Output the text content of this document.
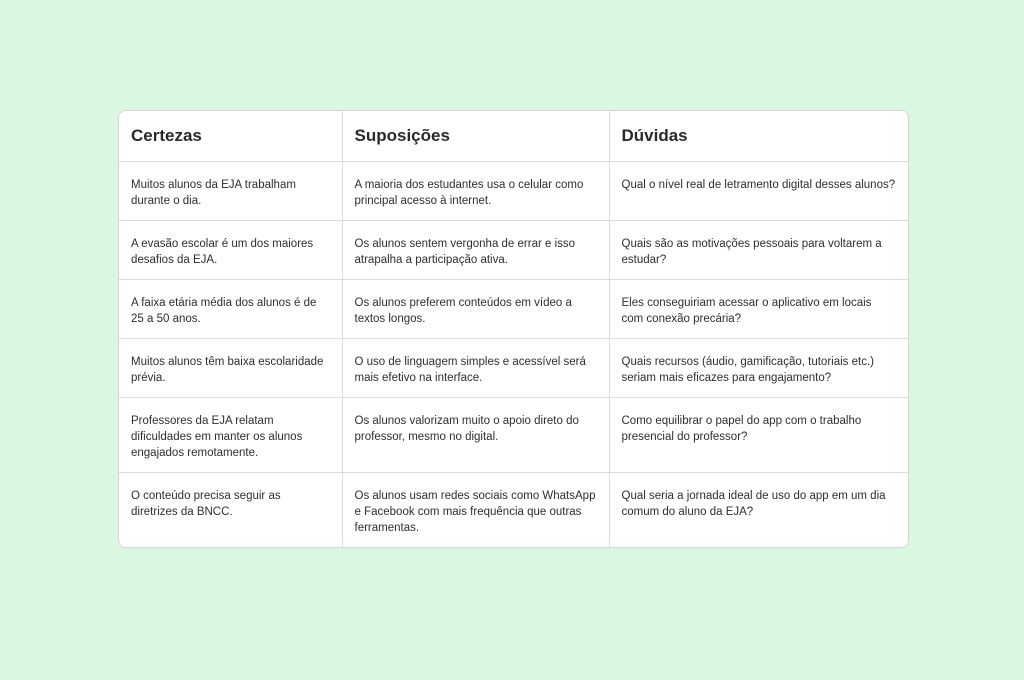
Certezas	Suposições	Dúvidas
Muitos alunos da EJA trabalham durante o dia.	A maioria dos estudantes usa o celular como principal acesso à internet.	Qual o nível real de letramento digital desses alunos?
A evasão escolar é um dos maiores desafios da EJA.	Os alunos sentem vergonha de errar e isso atrapalha a participação ativa.	Quais são as motivações pessoais para voltarem a estudar?
A faixa etária média dos alunos é de 25 a 50 anos.	Os alunos preferem conteúdos em vídeo a textos longos.	Eles conseguiriam acessar o aplicativo em locais com conexão precária?
Muitos alunos têm baixa escolaridade prévia.	O uso de linguagem simples e acessível será mais efetivo na interface.	Quais recursos (áudio, gamificação, tutoriais etc.) seriam mais eficazes para engajamento?
Professores da EJA relatam dificuldades em manter os alunos engajados remotamente.	Os alunos valorizam muito o apoio direto do professor, mesmo no digital.	Como equilibrar o papel do app com o trabalho presencial do professor?
O conteúdo precisa seguir as diretrizes da BNCC.	Os alunos usam redes sociais como WhatsApp e Facebook com mais frequência que outras ferramentas.	Qual seria a jornada ideal de uso do app em um dia comum do aluno da EJA?
